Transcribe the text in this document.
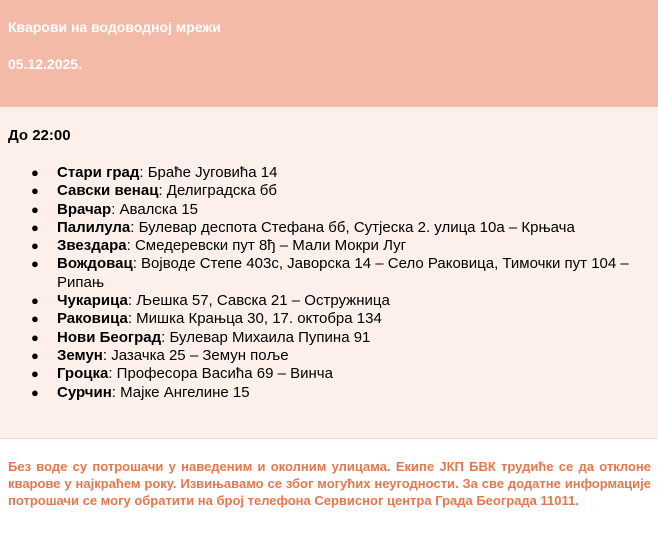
Кварови на водоводној мрежи
05.12.2025.
До 22:00
● Стари град: Браће Југовића 14
● Савски венац: Делиградска бб
● Врачар: Авалска 15
● Палилула: Булевар деспота Стефана бб, Сутјеска 2. улица 10а – Крњача
● Звездара: Смедеревски пут 8ђ – Мали Мокри Луг
● Вождовац: Војводе Степе 403с, Јаворска 14 – Село Раковица, Тимочки пут 104 – Рипањ
● Чукарица: Љешка 57, Савска 21 – Остружница
● Раковица: Мишка Крањца 30, 17. октобра 134
● Нови Београд: Булевар Михаила Пупина 91
● Земун: Јазачка 25 – Земун поље
● Гроцка: Професора Васића 69 – Винча
● Сурчин: Мајке Ангелине 15
Без воде су потрошачи у наведеним и околним улицама. Екипе ЈКП БВК трудиће се да отклоне кварове у најкраћем року. Извињавамо се због могућих неугодности. За све додатне информације потрошачи се могу обратити на број телефона Сервисног центра Града Београда 11011.
